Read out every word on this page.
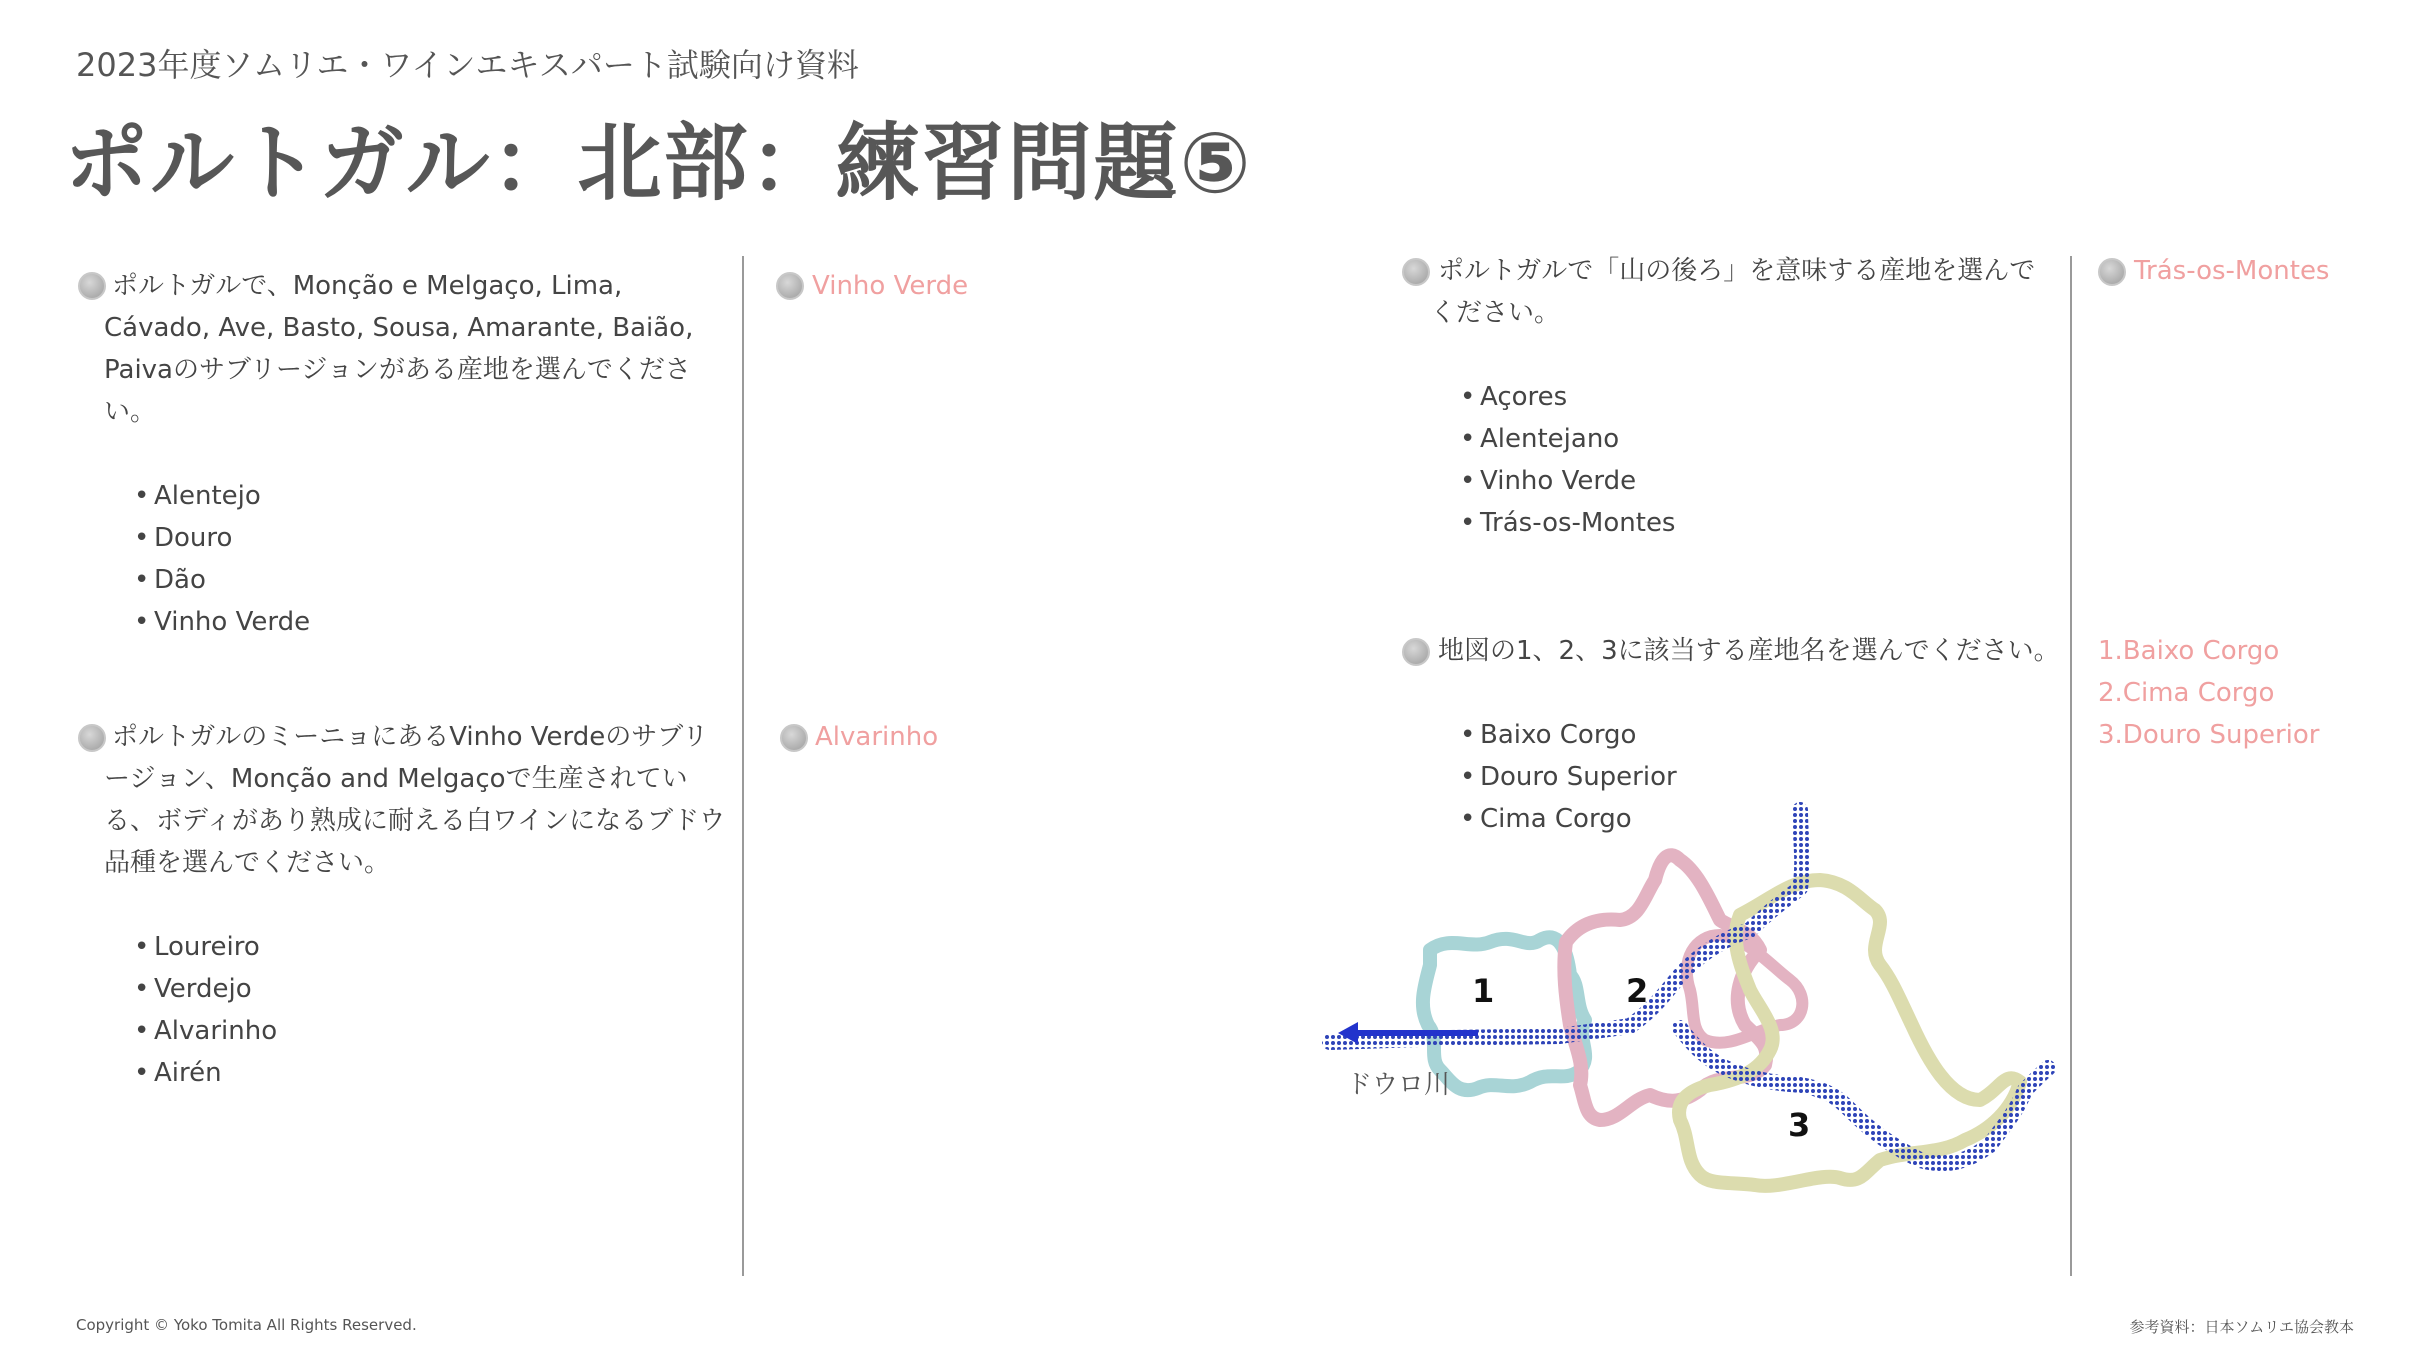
2023年度ソムリエ・ワインエキスパート試験向け資料
ポルトガル：北部：練習問題⑤
ポルトガルで、Monção e Melgaço, Lima, Cávado, Ave, Basto, Sousa, Amarante, Baião, Paivaのサブリージョンがある産地を選んでください。
• Alentejo
• Douro
• Dão
• Vinho Verde
Vinho Verde
ポルトガルのミーニョにあるVinho Verdeのサブリージョン、Monção and Melgaçoで生産されている、ボディがあり熟成に耐える白ワインになるブドウ品種を選んでください。
• Loureiro
• Verdejo
• Alvarinho
• Airén
Alvarinho
ポルトガルで「山の後ろ」を意味する産地を選んでください。
• Açores
• Alentejano
• Vinho Verde
• Trás-os-Montes
Trás-os-Montes
地図の1、2、3に該当する産地名を選んでください。
• Baixo Corgo
• Douro Superior
• Cima Corgo
1.Baixo Corgo
2.Cima Corgo
3.Douro Superior
1	2
3
ドウロ川
Copyright © Yoko Tomita All Rights Reserved.	参考資料：日本ソムリエ協会教本
